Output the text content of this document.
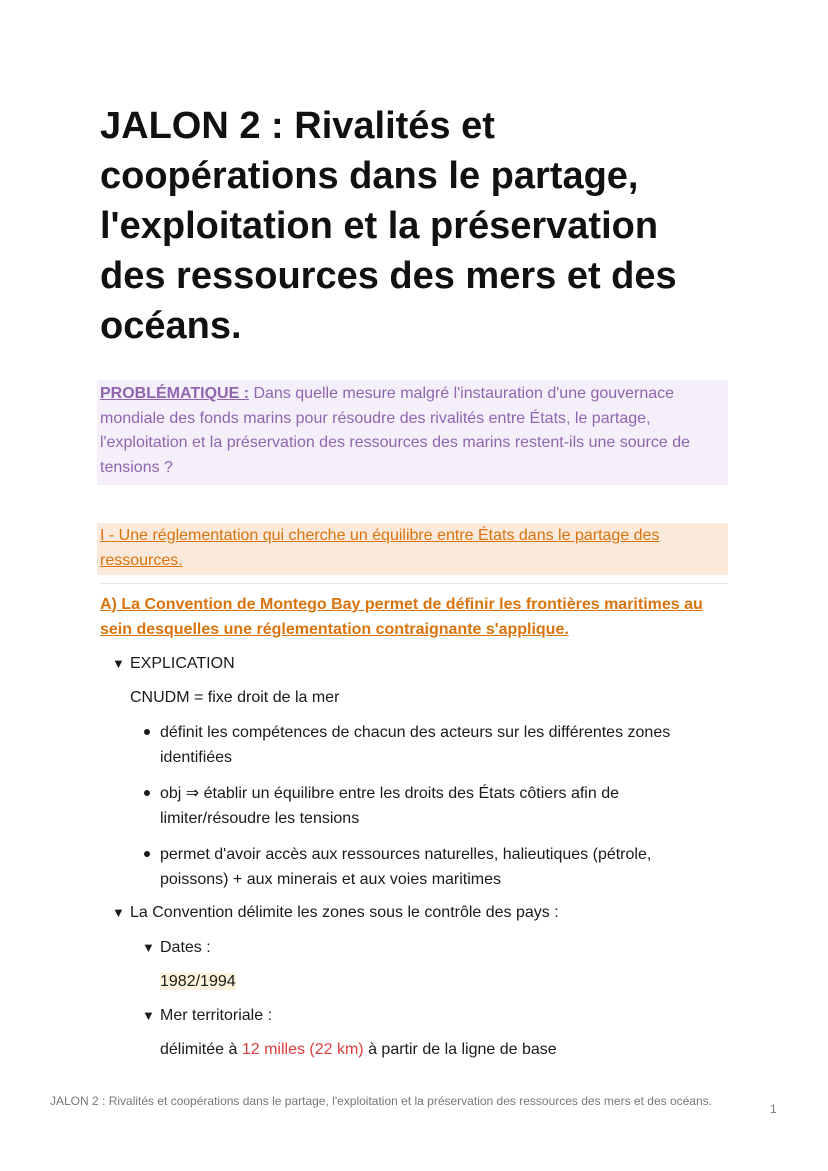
JALON 2 : Rivalités et coopérations dans le partage, l'exploitation et la préservation des ressources des mers et des océans.
PROBLÉMATIQUE : Dans quelle mesure malgré l'instauration d'une gouvernace mondiale des fonds marins pour résoudre des rivalités entre États, le partage, l'exploitation et la préservation des ressources des marins restent-ils une source de tensions ?
I - Une réglementation qui cherche un équilibre entre États dans le partage des ressources.
A) La Convention de Montego Bay permet de définir les frontières maritimes au sein desquelles une réglementation contraignante s'applique.
▼ EXPLICATION
CNUDM = fixe droit de la mer
définit les compétences de chacun des acteurs sur les différentes zones identifiées
obj ⇒ établir un équilibre entre les droits des États côtiers afin de limiter/résoudre les tensions
permet d'avoir accès aux ressources naturelles, halieutiques (pétrole, poissons) + aux minerais et aux voies maritimes
▼ La Convention délimite les zones sous le contrôle des pays :
▼ Dates :
1982/1994
▼ Mer territoriale :
délimitée à 12 milles (22 km) à partir de la ligne de base
JALON 2 : Rivalités et coopérations dans le partage, l'exploitation et la préservation des ressources des mers et des océans.
1
